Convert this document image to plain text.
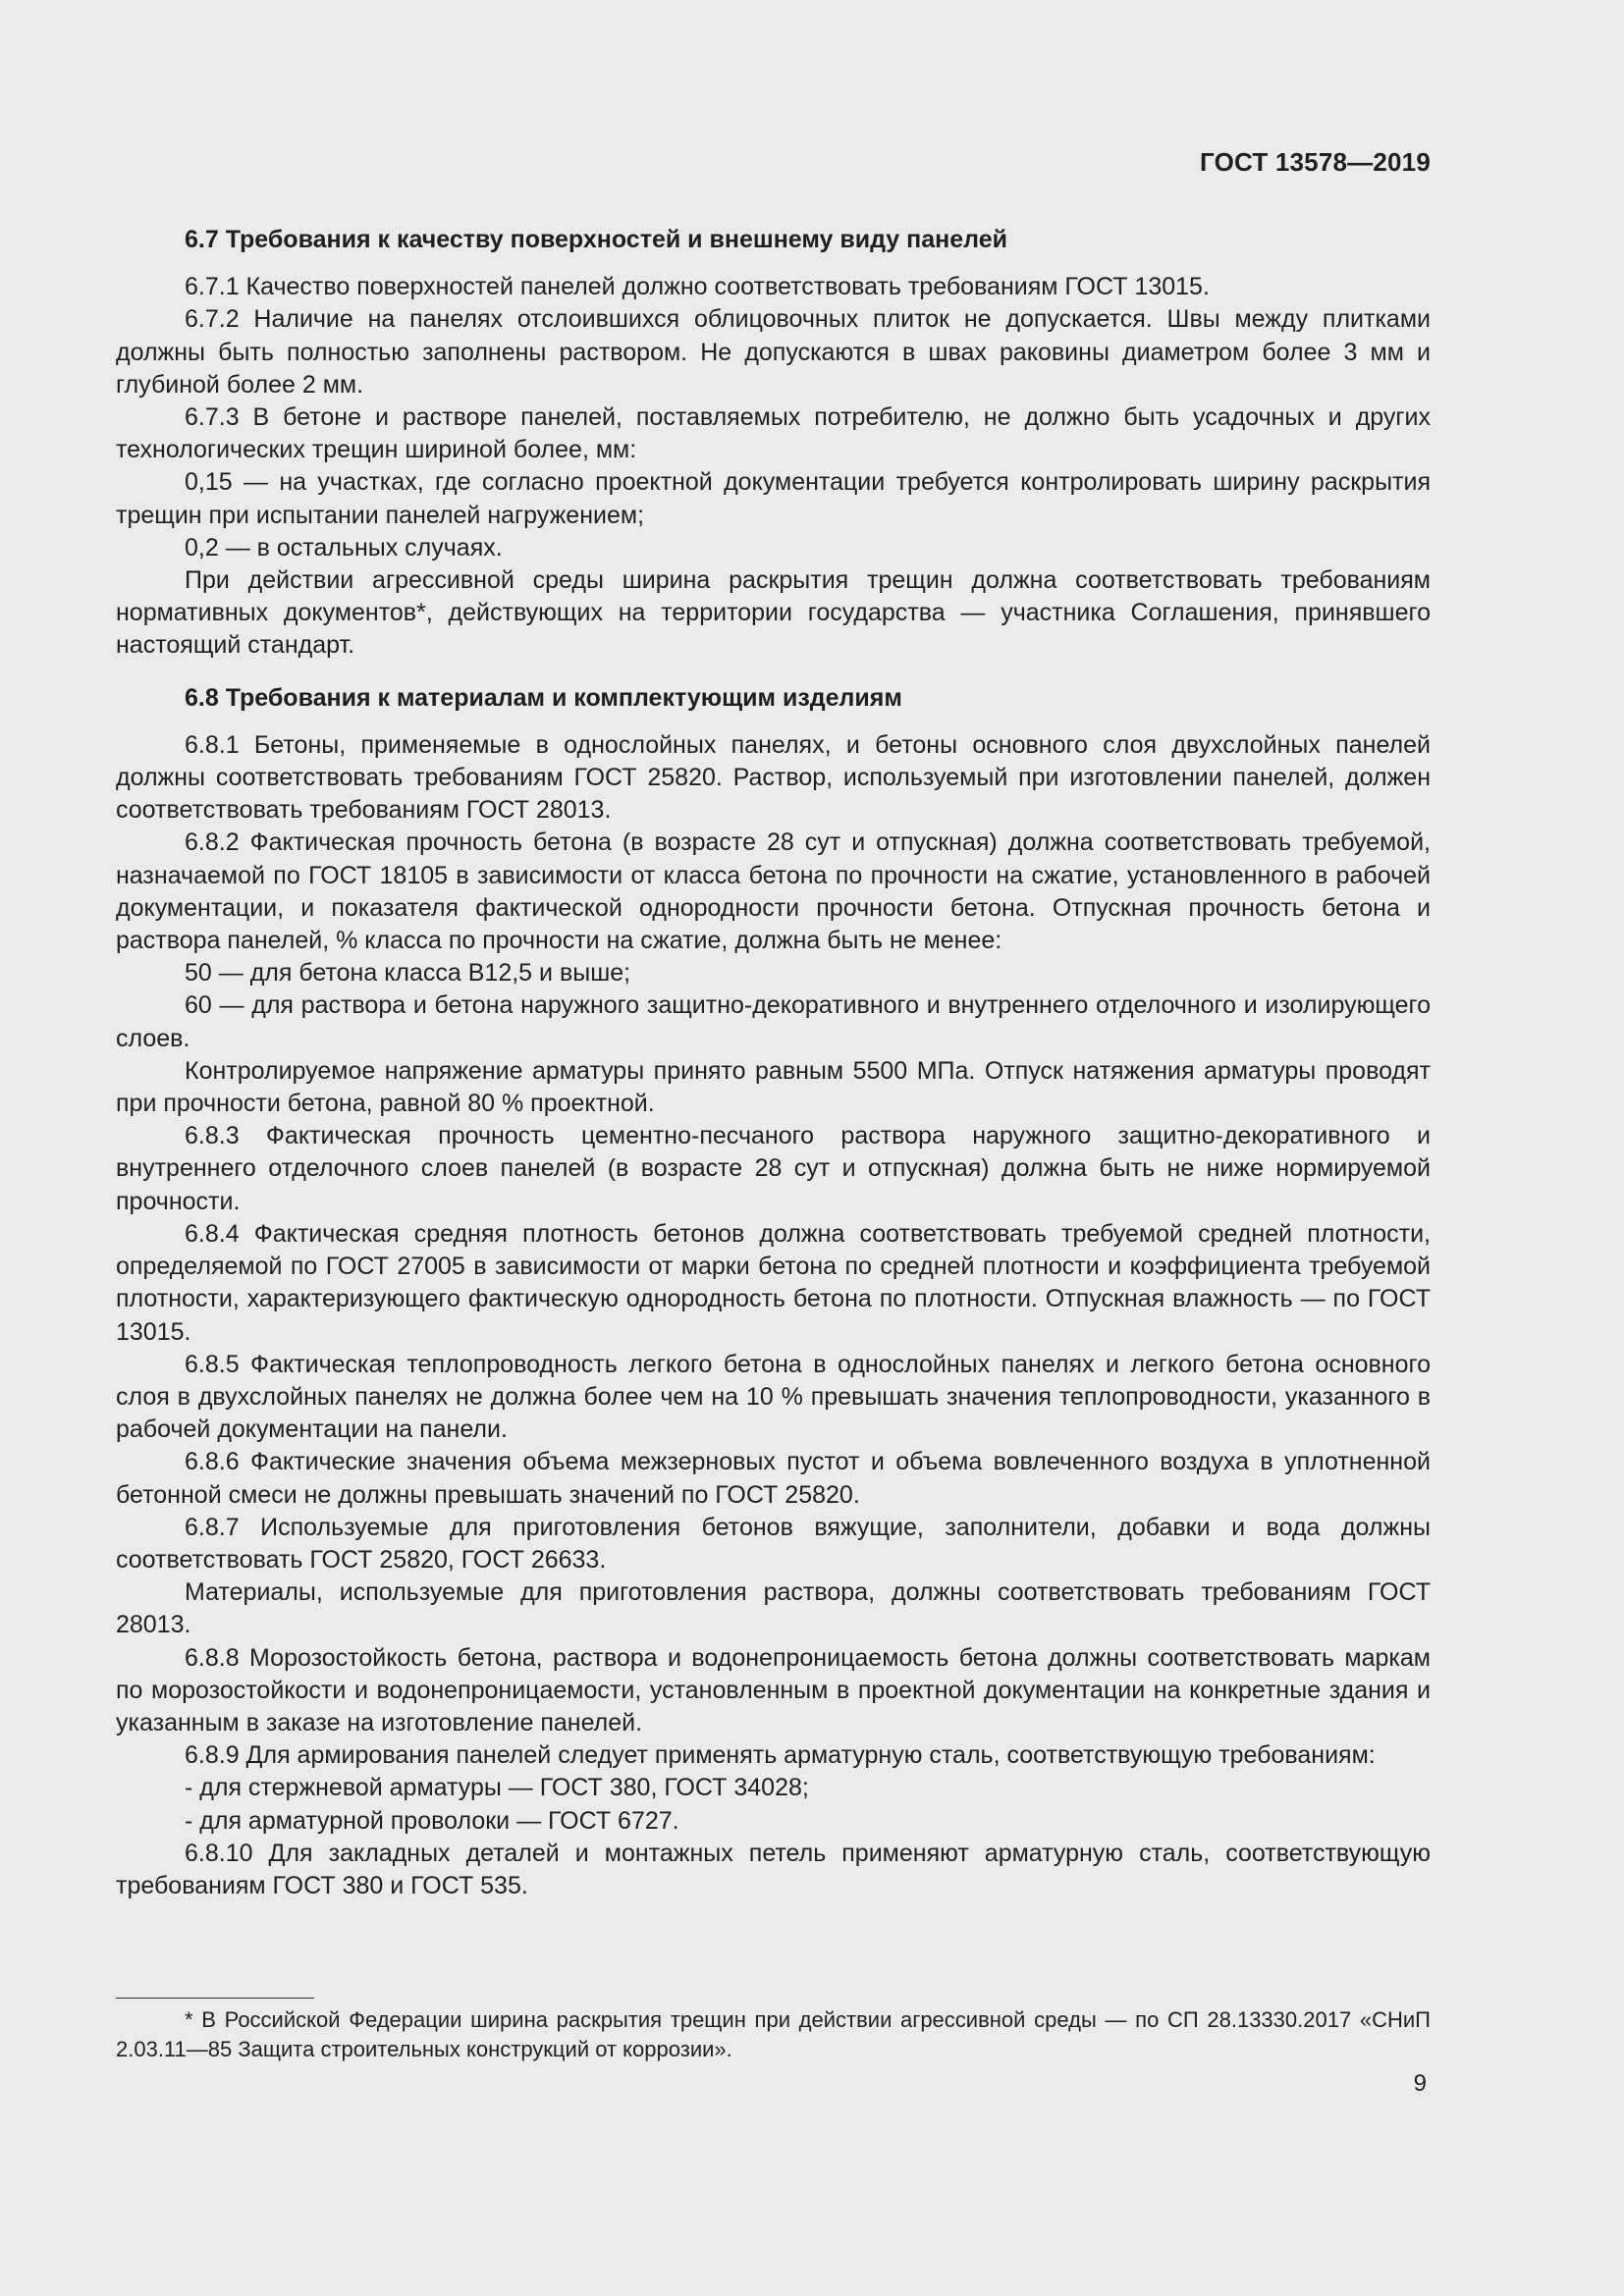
ГОСТ 13578—2019

6.7 Требования к качеству поверхностей и внешнему виду панелей

6.7.1 Качество поверхностей панелей должно соответствовать требованиям ГОСТ 13015.

6.7.2 Наличие на панелях отслоившихся облицовочных плиток не допускается. Швы между плитками должны быть полностью заполнены раствором. Не допускаются в швах раковины диаметром более 3 мм и глубиной более 2 мм.

6.7.3 В бетоне и растворе панелей, поставляемых потребителю, не должно быть усадочных и других технологических трещин шириной более, мм:

0,15 — на участках, где согласно проектной документации требуется контролировать ширину раскрытия трещин при испытании панелей нагружением;

0,2 — в остальных случаях.

При действии агрессивной среды ширина раскрытия трещин должна соответствовать требованиям нормативных документов*, действующих на территории государства — участника Соглашения, принявшего настоящий стандарт.

6.8 Требования к материалам и комплектующим изделиям

6.8.1 Бетоны, применяемые в однослойных панелях, и бетоны основного слоя двухслойных панелей должны соответствовать требованиям ГОСТ 25820. Раствор, используемый при изготовлении панелей, должен соответствовать требованиям ГОСТ 28013.

6.8.2 Фактическая прочность бетона (в возрасте 28 сут и отпускная) должна соответствовать требуемой, назначаемой по ГОСТ 18105 в зависимости от класса бетона по прочности на сжатие, установленного в рабочей документации, и показателя фактической однородности прочности бетона. Отпускная прочность бетона и раствора панелей, % класса по прочности на сжатие, должна быть не менее:

50 — для бетона класса В12,5 и выше;

60 — для раствора и бетона наружного защитно-декоративного и внутреннего отделочного и изолирующего слоев.

Контролируемое напряжение арматуры принято равным 5500 МПа. Отпуск натяжения арматуры проводят при прочности бетона, равной 80 % проектной.

6.8.3 Фактическая прочность цементно-песчаного раствора наружного защитно-декоративного и внутреннего отделочного слоев панелей (в возрасте 28 сут и отпускная) должна быть не ниже нормируемой прочности.

6.8.4 Фактическая средняя плотность бетонов должна соответствовать требуемой средней плотности, определяемой по ГОСТ 27005 в зависимости от марки бетона по средней плотности и коэффициента требуемой плотности, характеризующего фактическую однородность бетона по плотности. Отпускная влажность — по ГОСТ 13015.

6.8.5 Фактическая теплопроводность легкого бетона в однослойных панелях и легкого бетона основного слоя в двухслойных панелях не должна более чем на 10 % превышать значения теплопроводности, указанного в рабочей документации на панели.

6.8.6 Фактические значения объема межзерновых пустот и объема вовлеченного воздуха в уплотненной бетонной смеси не должны превышать значений по ГОСТ 25820.

6.8.7 Используемые для приготовления бетонов вяжущие, заполнители, добавки и вода должны соответствовать ГОСТ 25820, ГОСТ 26633.

Материалы, используемые для приготовления раствора, должны соответствовать требованиям ГОСТ 28013.

6.8.8 Морозостойкость бетона, раствора и водонепроницаемость бетона должны соответствовать маркам по морозостойкости и водонепроницаемости, установленным в проектной документации на конкретные здания и указанным в заказе на изготовление панелей.

6.8.9 Для армирования панелей следует применять арматурную сталь, соответствующую требованиям:

- для стержневой арматуры — ГОСТ 380, ГОСТ 34028;

- для арматурной проволоки — ГОСТ 6727.

6.8.10 Для закладных деталей и монтажных петель применяют арматурную сталь, соответствующую требованиям ГОСТ 380 и ГОСТ 535.

* В Российской Федерации ширина раскрытия трещин при действии агрессивной среды — по СП 28.13330.2017 «СНиП 2.03.11—85 Защита строительных конструкций от коррозии».

9
